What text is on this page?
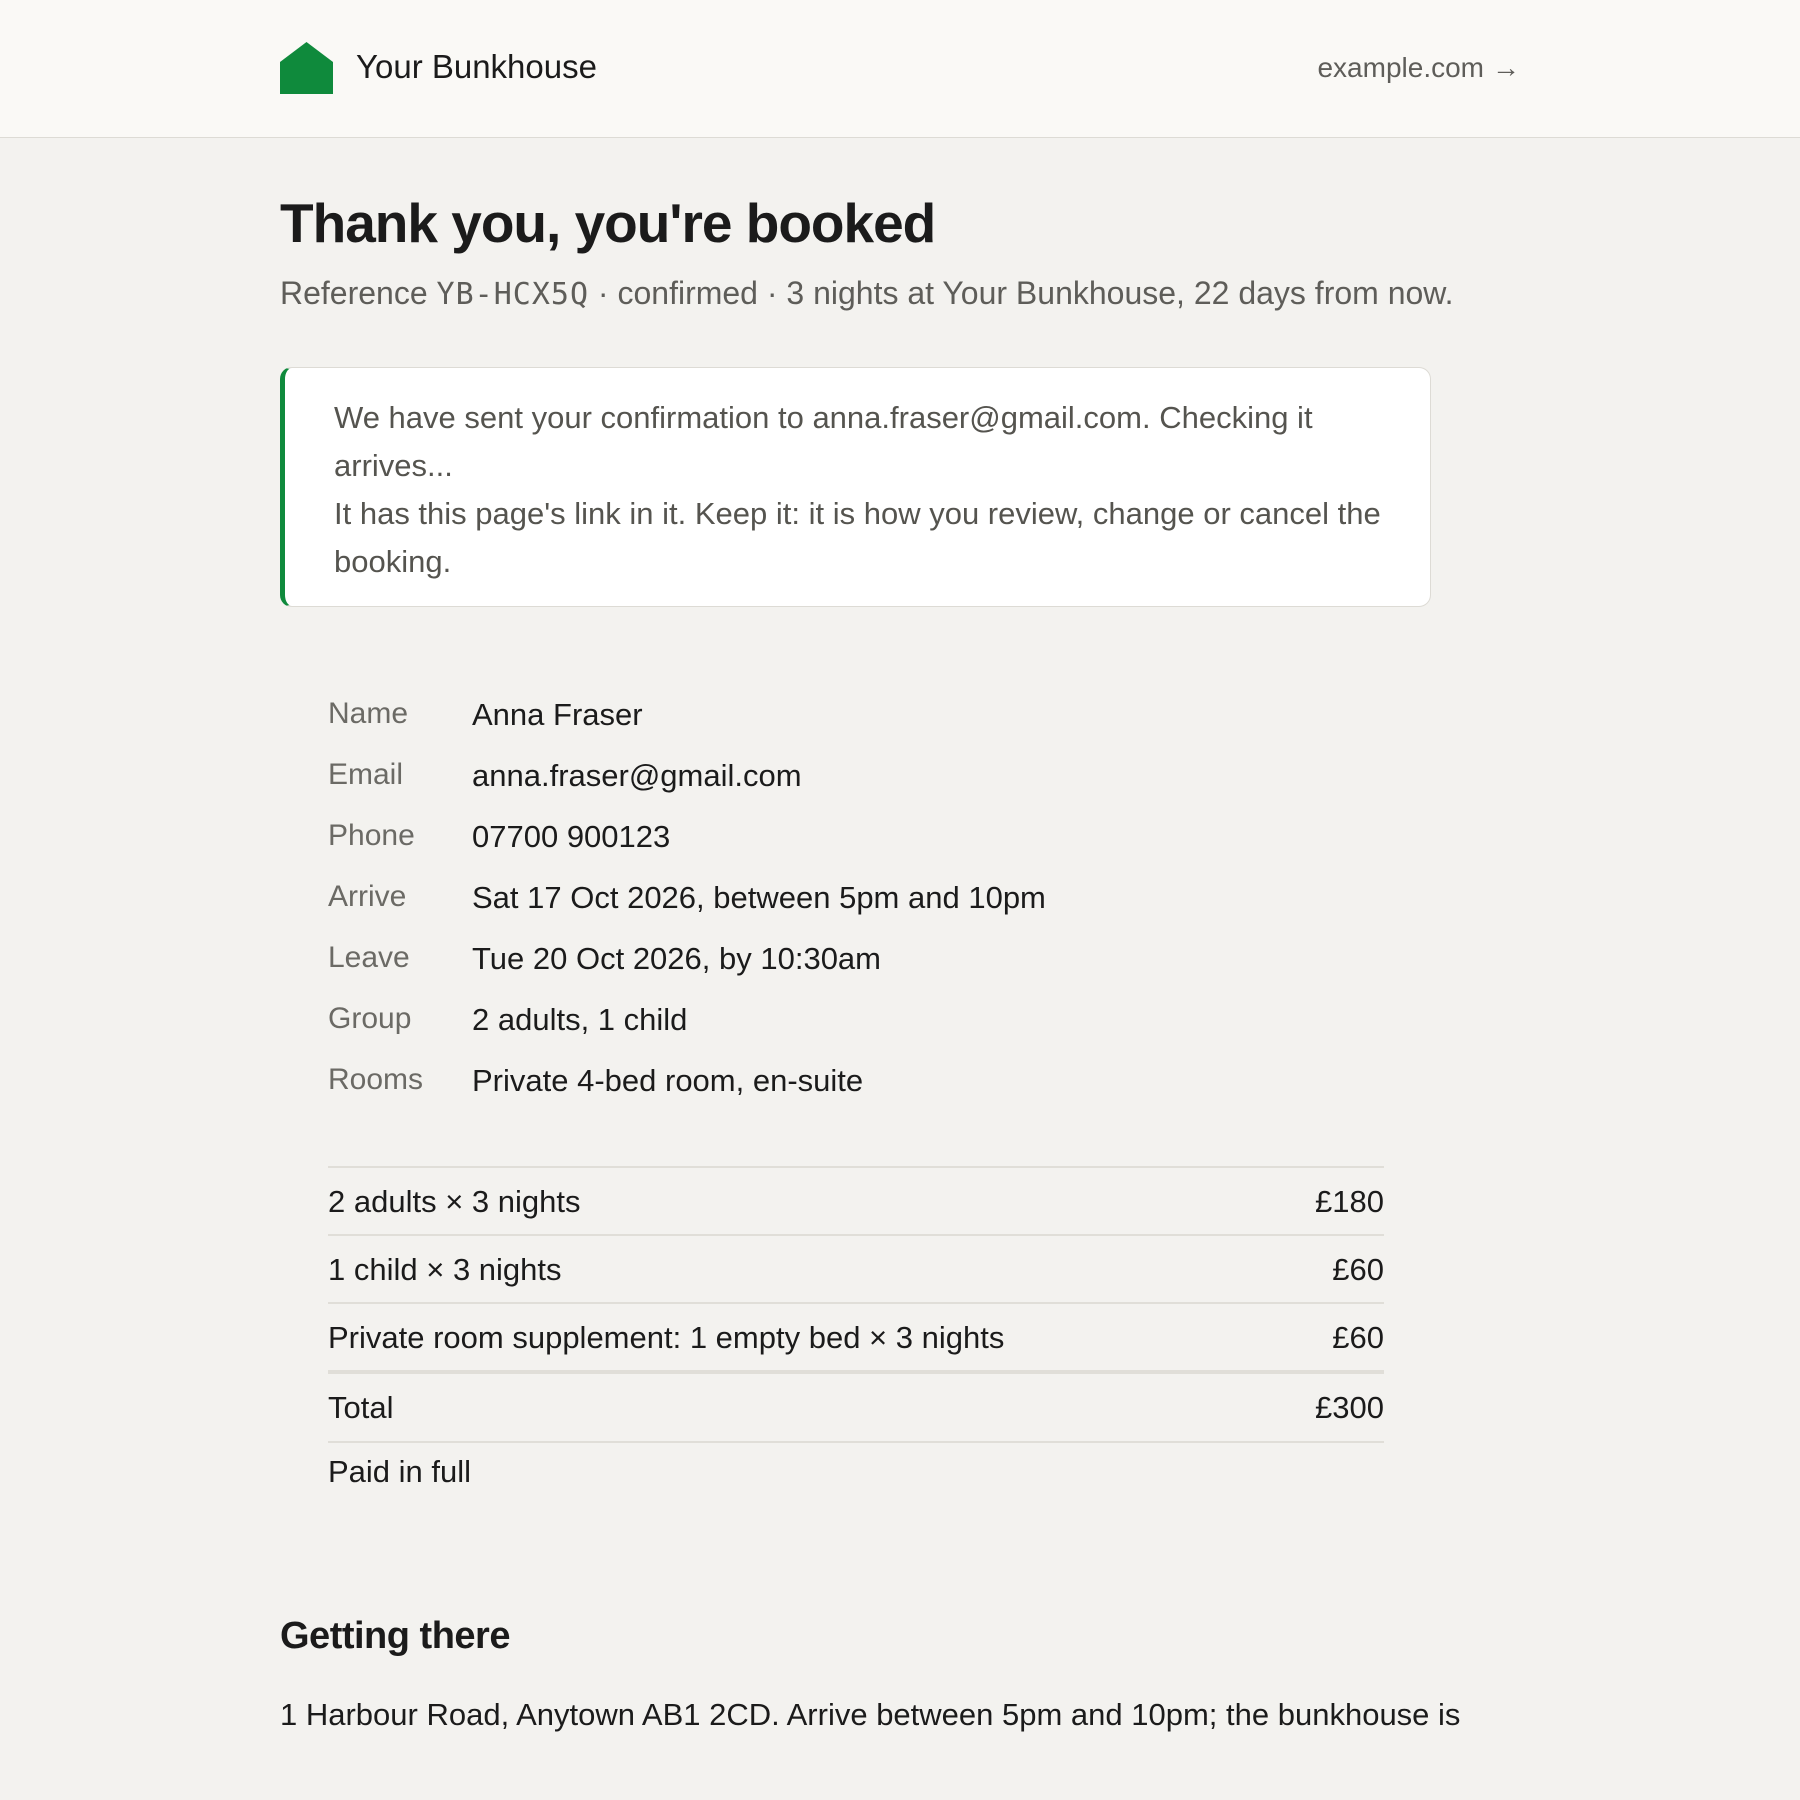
Your Bunkhouse	example.com →
Thank you, you're booked
Reference YB-HCX5Q · confirmed · 3 nights at Your Bunkhouse, 22 days from now.

We have sent your confirmation to anna.fraser@gmail.com. Checking it arrives...

It has this page's link in it. Keep it: it is how you review, change or cancel the booking.

Name Anna Fraser
Email anna.fraser@gmail.com
Phone 07700 900123
Arrive Sat 17 Oct 2026, between 5pm and 10pm
Leave Tue 20 Oct 2026, by 10:30am
Group 2 adults, 1 child
Rooms Private 4-bed room, en-suite
2 adults × 3 nights	£180
1 child × 3 nights	£60
Private room supplement: 1 empty bed × 3 nights	£60
Total	£300
Paid in full
Getting there

1 Harbour Road, Anytown AB1 2CD. Arrive between 5pm and 10pm; the bunkhouse is
